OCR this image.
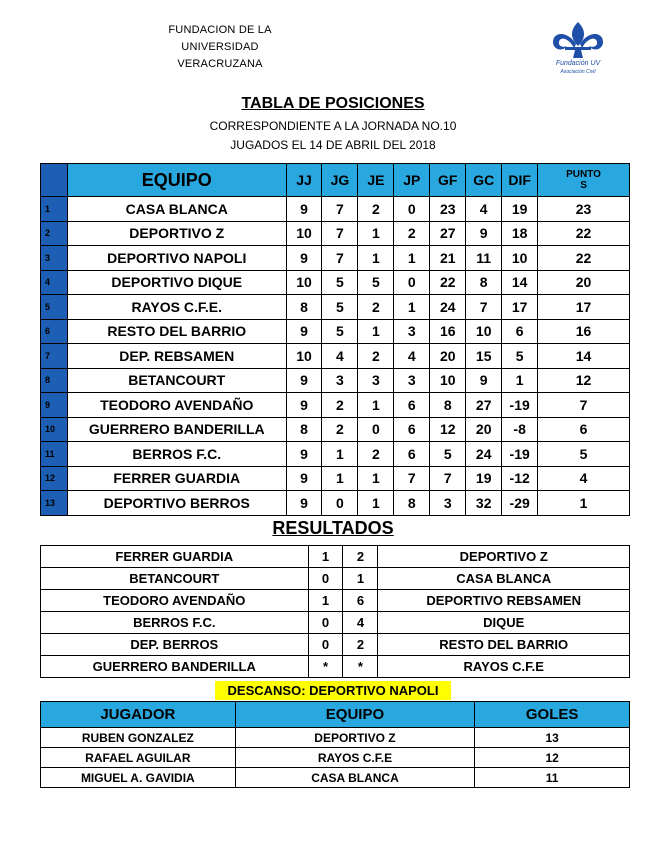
FUNDACION DE LA
UNIVERSIDAD
VERACRUZANA	Fundación UV
Asociación Civil
TABLA DE POSICIONES
CORRESPONDIENTE A LA JORNADA NO.10
JUGADOS EL 14 DE ABRIL DEL 2018
	EQUIPO	JJ	JG	JE	JP	GF	GC	DIF	PUNTO
S

1	CASA BLANCA	9	7	2	0	23	4	19	23
2	DEPORTIVO Z	10	7	1	2	27	9	18	22
3	DEPORTIVO NAPOLI	9	7	1	1	21	11	10	22
4	DEPORTIVO DIQUE	10	5	5	0	22	8	14	20
5	RAYOS C.F.E.	8	5	2	1	24	7	17	17
6	RESTO DEL BARRIO	9	5	1	3	16	10	6	16
7	DEP. REBSAMEN	10	4	2	4	20	15	5	14
8	BETANCOURT	9	3	3	3	10	9	1	12
9	TEODORO AVENDAÑO	9	2	1	6	8	27	-19	7
10	GUERRERO BANDERILLA	8	2	0	6	12	20	-8	6
11	BERROS F.C.	9	1	2	6	5	24	-19	5
12	FERRER GUARDIA	9	1	1	7	7	19	-12	4
13	DEPORTIVO BERROS	9	0	1	8	3	32	-29	1
RESULTADOS
FERRER GUARDIA	1	2	DEPORTIVO Z
BETANCOURT	0	1	CASA BLANCA
TEODORO AVENDAÑO	1	6	DEPORTIVO REBSAMEN
BERROS F.C.	0	4	DIQUE
DEP. BERROS	0	2	RESTO DEL BARRIO
GUERRERO BANDERILLA	*	*	RAYOS C.F.E
DESCANSO: DEPORTIVO NAPOLI
JUGADOR	EQUIPO	GOLES
RUBEN GONZALEZ	DEPORTIVO Z	13
RAFAEL AGUILAR	RAYOS C.F.E	12
MIGUEL A. GAVIDIA	CASA BLANCA	11
